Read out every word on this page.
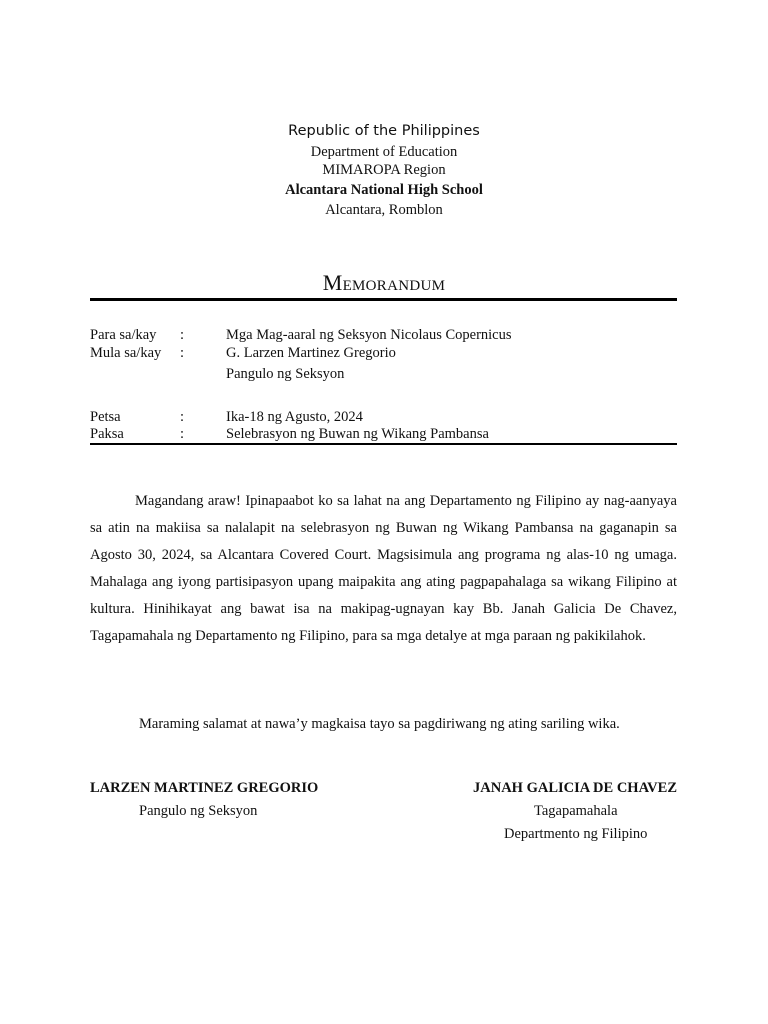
Republic of the Philippines
Department of Education
MIMAROPA Region
Alcantara National High School
Alcantara, Romblon
Memorandum
Para sa/kay :	Mga Mag-aaral ng Seksyon Nicolaus Copernicus
Mula sa/kay :	G. Larzen Martinez Gregorio
Pangulo ng Seksyon
Petsa	:	Ika-18 ng Agusto, 2024
Paksa	:	Selebrasyon ng Buwan ng Wikang Pambansa

Magandang araw! Ipinapaabot ko sa lahat na ang Departamento ng Filipino ay nag-aanyaya sa atin na makiisa sa nalalapit na selebrasyon ng Buwan ng Wikang Pambansa na gaganapin sa Agosto 30, 2024, sa Alcantara Covered Court. Magsisimula ang programa ng alas-10 ng umaga. Mahalaga ang iyong partisipasyon upang maipakita ang ating pagpapahalaga sa wikang Filipino at kultura. Hinihikayat ang bawat isa na makipag-ugnayan kay Bb. Janah Galicia De Chavez, Tagapamahala ng Departamento ng Filipino, para sa mga detalye at mga paraan ng pakikilahok.

Maraming salamat at nawa’y magkaisa tayo sa pagdiriwang ng ating sariling wika.
LARZEN MARTINEZ GREGORIO
Pangulo ng Seksyon
JANAH GALICIA DE CHAVEZ
Tagapamahala
Departmento ng Filipino
